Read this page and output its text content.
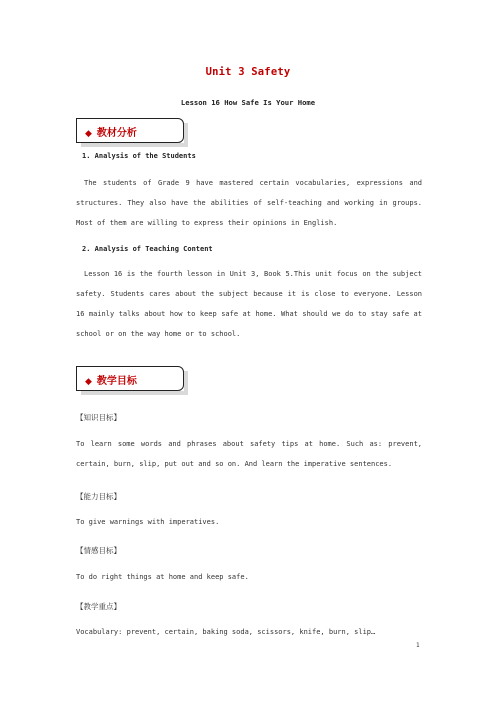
Unit 3 Safety
Lesson 16 How Safe Is Your Home
◆ 教材分析
1. Analysis of the Students
The students of Grade 9 have mastered certain vocabularies, expressions and structures. They also have the abilities of self-teaching and working in groups. Most of them are willing to express their opinions in English.
2. Analysis of Teaching Content
Lesson 16 is the fourth lesson in Unit 3, Book 5.This unit focus on the subject safety. Students cares about the subject because it is close to everyone. Lesson 16 mainly talks about how to keep safe at home. What should we do to stay safe at school or on the way home or to school.
◆ 教学目标
【知识目标】
To learn some words and phrases about safety tips at home. Such as: prevent, certain, burn, slip, put out and so on. And learn the imperative sentences.
【能力目标】
To give warnings with imperatives.
【情感目标】
To do right things at home and keep safe.
【教学重点】
Vocabulary: prevent, certain, baking soda, scissors, knife, burn, slip…
1
